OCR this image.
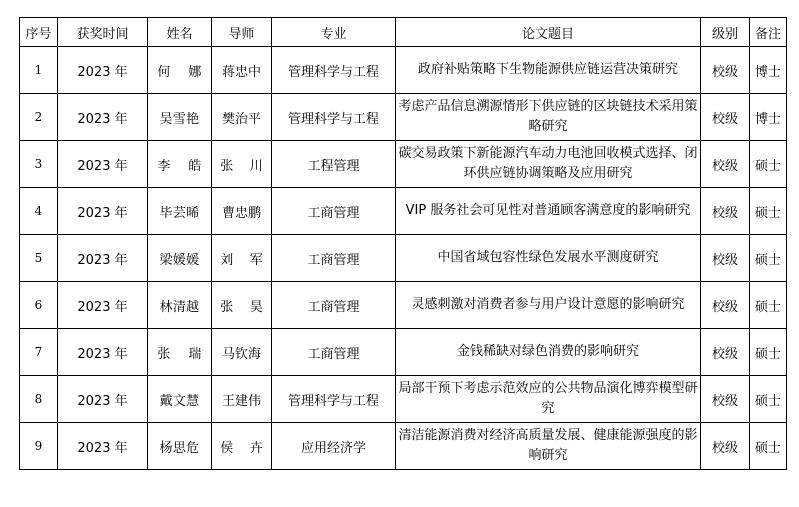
序号	获奖时间	姓名	导师	专业	论文题目	级别	备注
1	2023 年	何    娜	蒋忠中	管理科学与工程	政府补贴策略下生物能源供应链运营决策研究	校级	博士
2	2023 年	吴雪艳	樊治平	管理科学与工程	考虑产品信息溯源情形下供应链的区块链技术采用策略研究	校级	博士
3	2023 年	李    皓	张    川	工程管理	碳交易政策下新能源汽车动力电池回收模式选择、闭环供应链协调策略及应用研究	校级	硕士
4	2023 年	毕芸晞	曹忠鹏	工商管理	VIP 服务社会可见性对普通顾客满意度的影响研究	校级	硕士
5	2023 年	梁媛媛	刘    军	工商管理	中国省域包容性绿色发展水平测度研究	校级	硕士
6	2023 年	林清越	张    昊	工商管理	灵感刺激对消费者参与用户设计意愿的影响研究	校级	硕士
7	2023 年	张    瑞	马钦海	工商管理	金钱稀缺对绿色消费的影响研究	校级	硕士
8	2023 年	戴文慧	王建伟	管理科学与工程	局部干预下考虑示范效应的公共物品演化博弈模型研究	校级	硕士
9	2023 年	杨思危	侯    卉	应用经济学	清洁能源消费对经济高质量发展、健康能源强度的影响研究	校级	硕士
